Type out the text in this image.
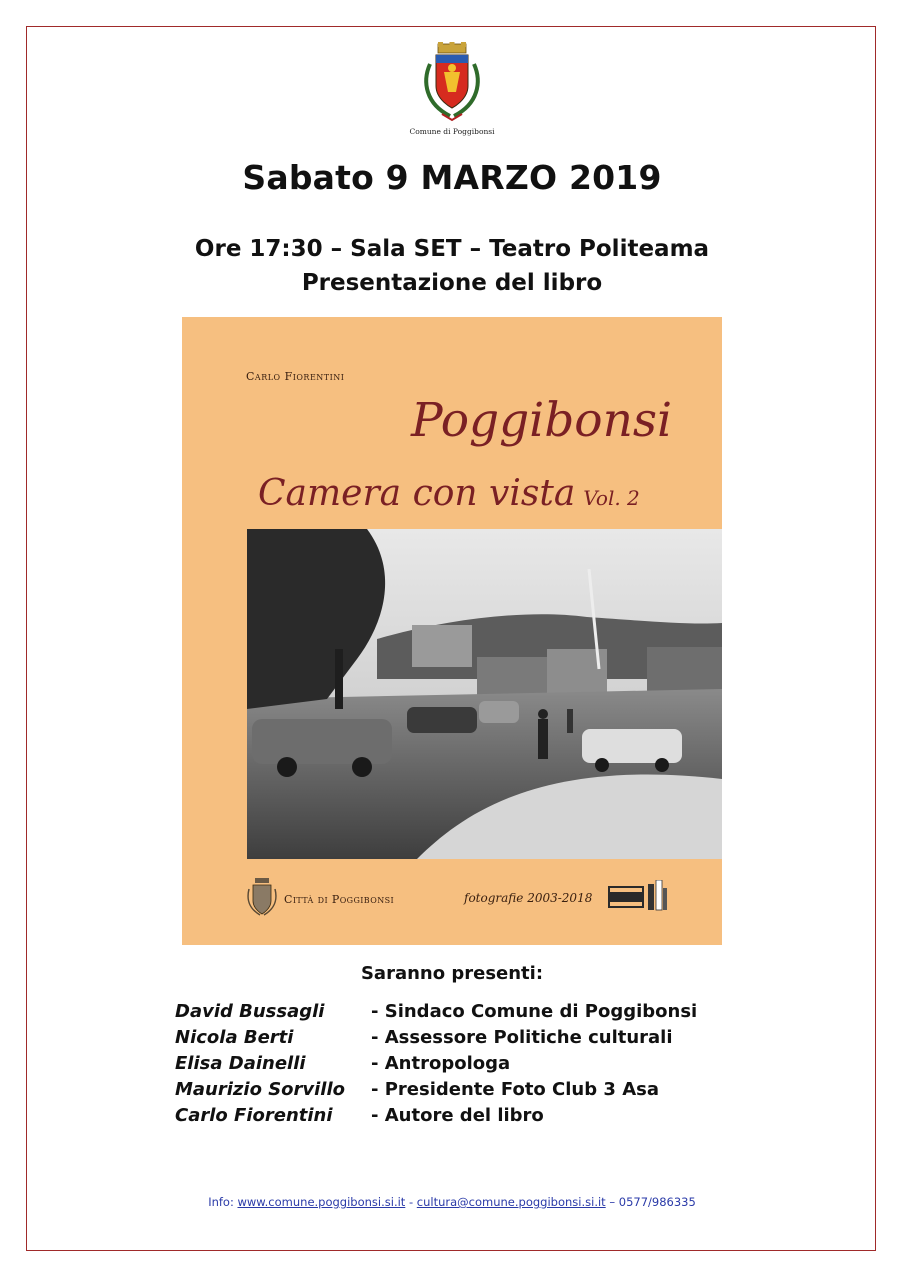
Comune di Poggibonsi
Sabato 9 MARZO 2019
Ore 17:30 – Sala SET – Teatro Politeama
Presentazione del libro
Carlo Fiorentini
Poggibonsi
Camera con vista Vol. 2
Città di Poggibonsi	fotografie 2003-2018
Saranno presenti:
David Bussagli	- Sindaco Comune di Poggibonsi
Nicola Berti	- Assessore Politiche culturali
Elisa Dainelli	- Antropologa
Maurizio Sorvillo - Presidente Foto Club 3 Asa
Carlo Fiorentini - Autore del libro
Info: www.comune.poggibonsi.si.it - cultura@comune.poggibonsi.si.it – 0577/986335
